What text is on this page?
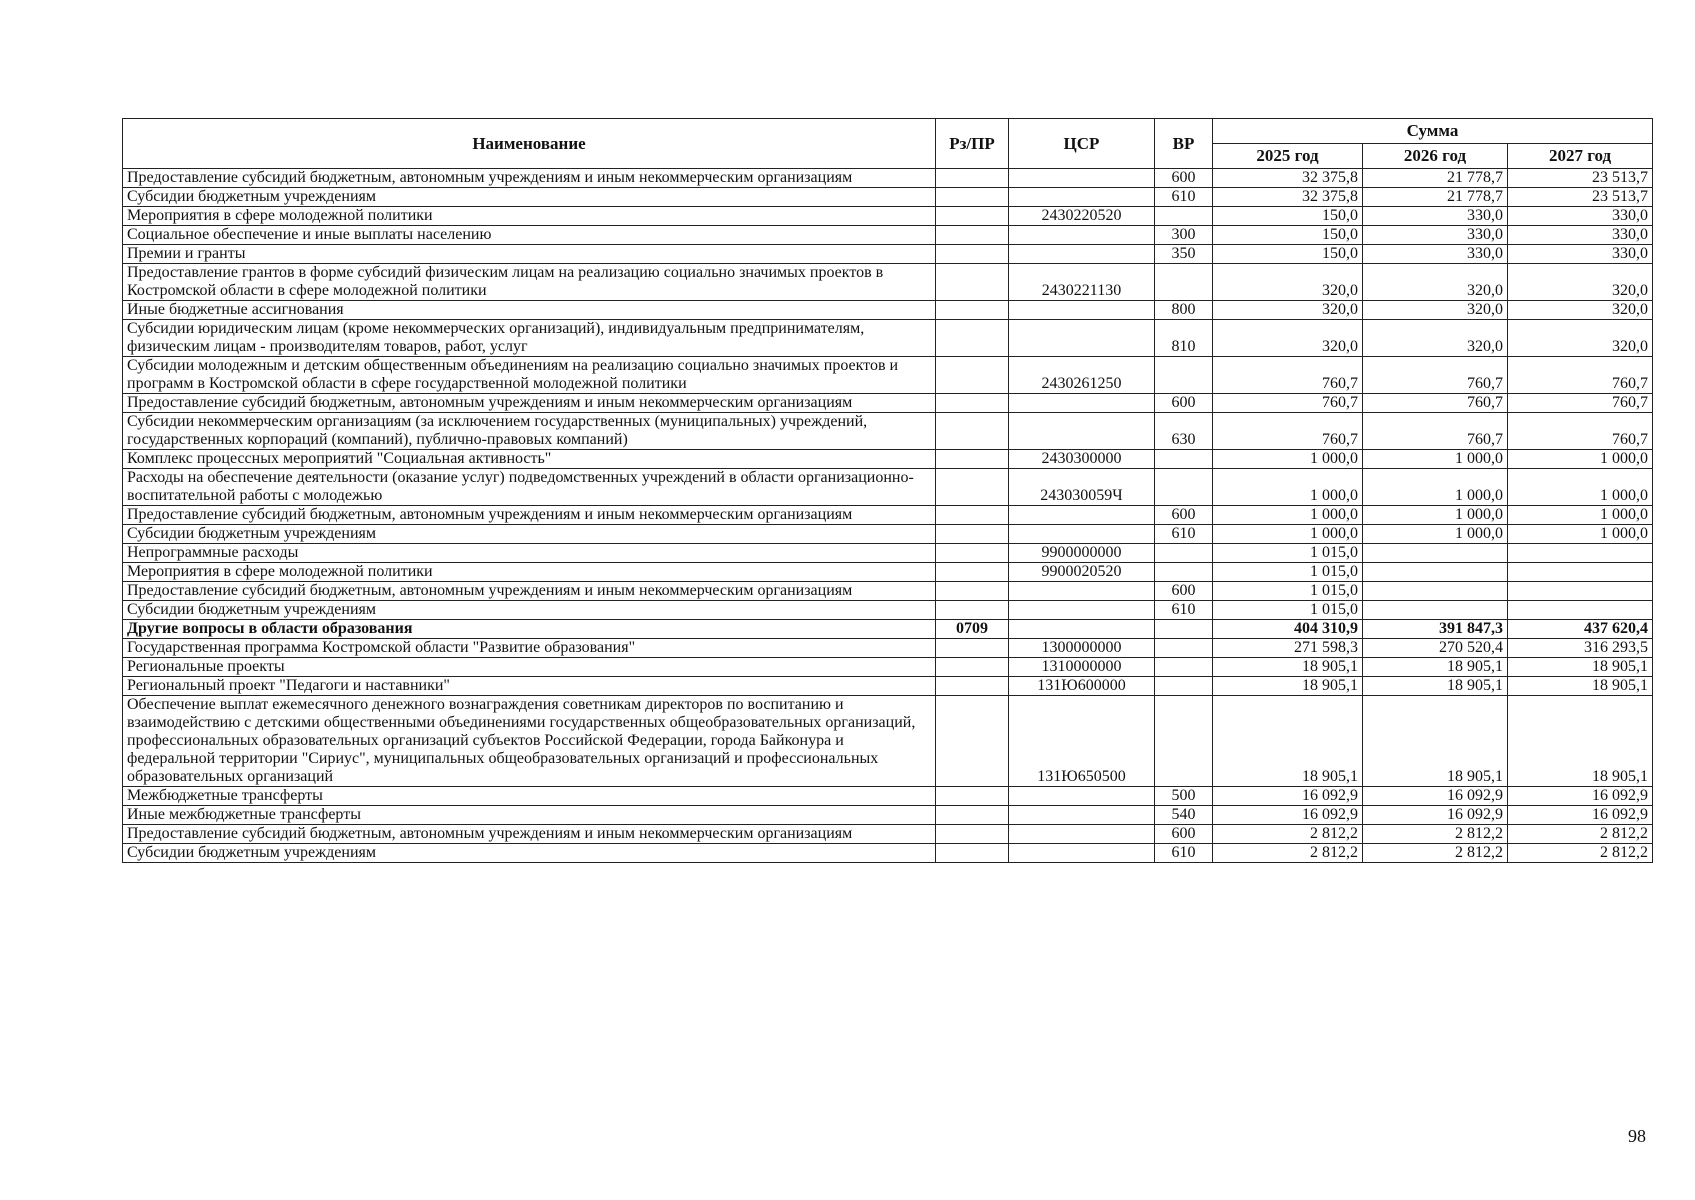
Наименование	Рз/ПР	ЦСР	ВР	Сумма		
				2025 год	2026 год	2027 год
Предоставление субсидий бюджетным, автономным учреждениям и иным некоммерческим организациям			600	32 375,8	21 778,7	23 513,7
Субсидии бюджетным учреждениям			610	32 375,8	21 778,7	23 513,7
Мероприятия в сфере молодежной политики		2430220520		150,0	330,0	330,0
Социальное обеспечение и иные выплаты населению			300	150,0	330,0	330,0
Премии и гранты			350	150,0	330,0	330,0
Предоставление грантов в форме субсидий физическим лицам на реализацию социально значимых проектов в Костромской области в сфере молодежной политики		2430221130		320,0	320,0	320,0
Иные бюджетные ассигнования			800	320,0	320,0	320,0
Субсидии юридическим лицам (кроме некоммерческих организаций), индивидуальным предпринимателям, физическим лицам - производителям товаров, работ, услуг			810	320,0	320,0	320,0
Субсидии молодежным и детским общественным объединениям на реализацию социально значимых проектов и программ в Костромской области в сфере государственной молодежной политики		2430261250		760,7	760,7	760,7
Предоставление субсидий бюджетным, автономным учреждениям и иным некоммерческим организациям			600	760,7	760,7	760,7
Субсидии некоммерческим организациям (за исключением государственных (муниципальных) учреждений, государственных корпораций (компаний), публично-правовых компаний)			630	760,7	760,7	760,7
Комплекс процессных мероприятий "Социальная активность"		2430300000		1 000,0	1 000,0	1 000,0
Расходы на обеспечение деятельности (оказание услуг) подведомственных учреждений в области организационно-воспитательной работы с молодежью		243030059Ч		1 000,0	1 000,0	1 000,0
Предоставление субсидий бюджетным, автономным учреждениям и иным некоммерческим организациям			600	1 000,0	1 000,0	1 000,0
Субсидии бюджетным учреждениям			610	1 000,0	1 000,0	1 000,0
Непрограммные расходы		9900000000		1 015,0		
Мероприятия в сфере молодежной политики		9900020520		1 015,0		
Предоставление субсидий бюджетным, автономным учреждениям и иным некоммерческим организациям			600	1 015,0		
Субсидии бюджетным учреждениям			610	1 015,0		
Другие вопросы в области образования	0709			404 310,9	391 847,3	437 620,4
Государственная программа Костромской области "Развитие образования"		1300000000		271 598,3	270 520,4	316 293,5
Региональные проекты		1310000000		18 905,1	18 905,1	18 905,1
Региональный проект "Педагоги и наставники"		131Ю600000		18 905,1	18 905,1	18 905,1
Обеспечение выплат ежемесячного денежного вознаграждения советникам директоров по воспитанию и взаимодействию с детскими общественными объединениями государственных общеобразовательных организаций, профессиональных образовательных организаций субъектов Российской Федерации, города Байконура и федеральной территории "Сириус", муниципальных общеобразовательных организаций и профессиональных образовательных организаций		131Ю650500		18 905,1	18 905,1	18 905,1
Межбюджетные трансферты			500	16 092,9	16 092,9	16 092,9
Иные межбюджетные трансферты			540	16 092,9	16 092,9	16 092,9
Предоставление субсидий бюджетным, автономным учреждениям и иным некоммерческим организациям			600	2 812,2	2 812,2	2 812,2
Субсидии бюджетным учреждениям			610	2 812,2	2 812,2	2 812,2
98
